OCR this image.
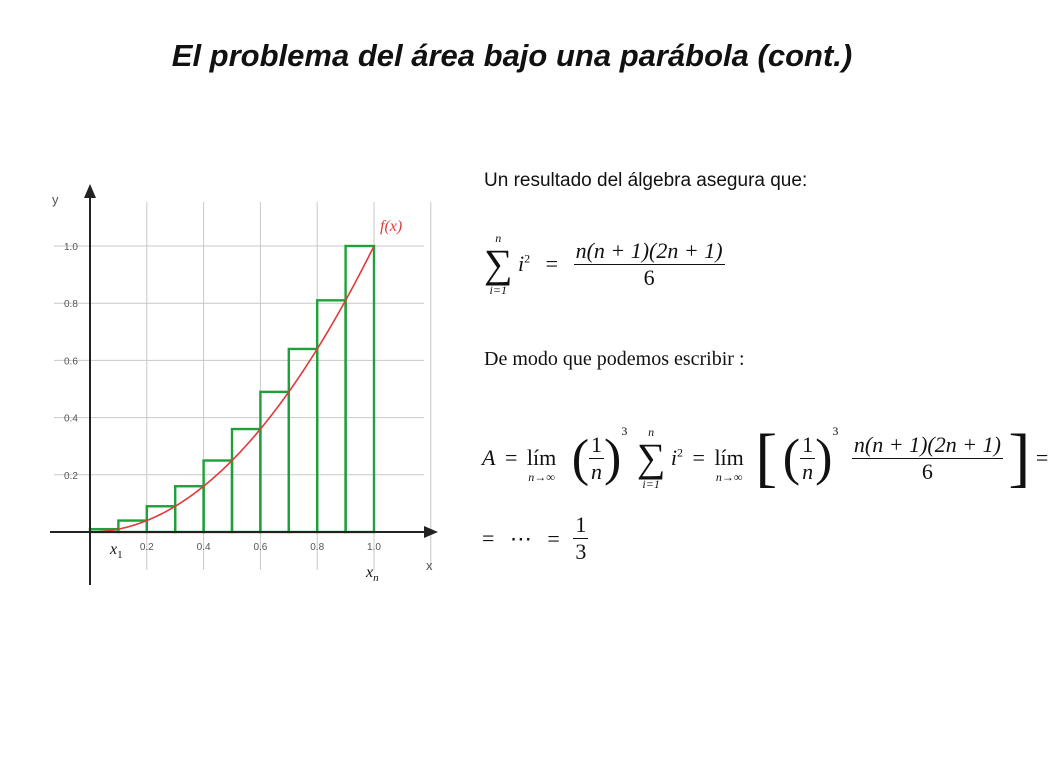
El problema del área bajo una parábola (cont.)
0.2	0.4	0.6	0.8	1.0
0.2
0.4
0.6
0.8
1.0
y
x
f(x)
$x_1$
$x_n$
Un resultado del álgebra asegura que:
n
∑
i=1
$i^2 = \frac{n(n + 1)(2n + 1)}{6}$
De modo que podemos escribir :
A = lím
n→∞ ( $\frac{1}{n} )^3$	n
∑
i=1
$i^2$ = lím
n→∞ [ ( $\frac{1}{n} )^3$
$\frac{n(n + 1)(2n + 1)}{6}$ ] =
= ⋯ = $\frac{1}{3}$
